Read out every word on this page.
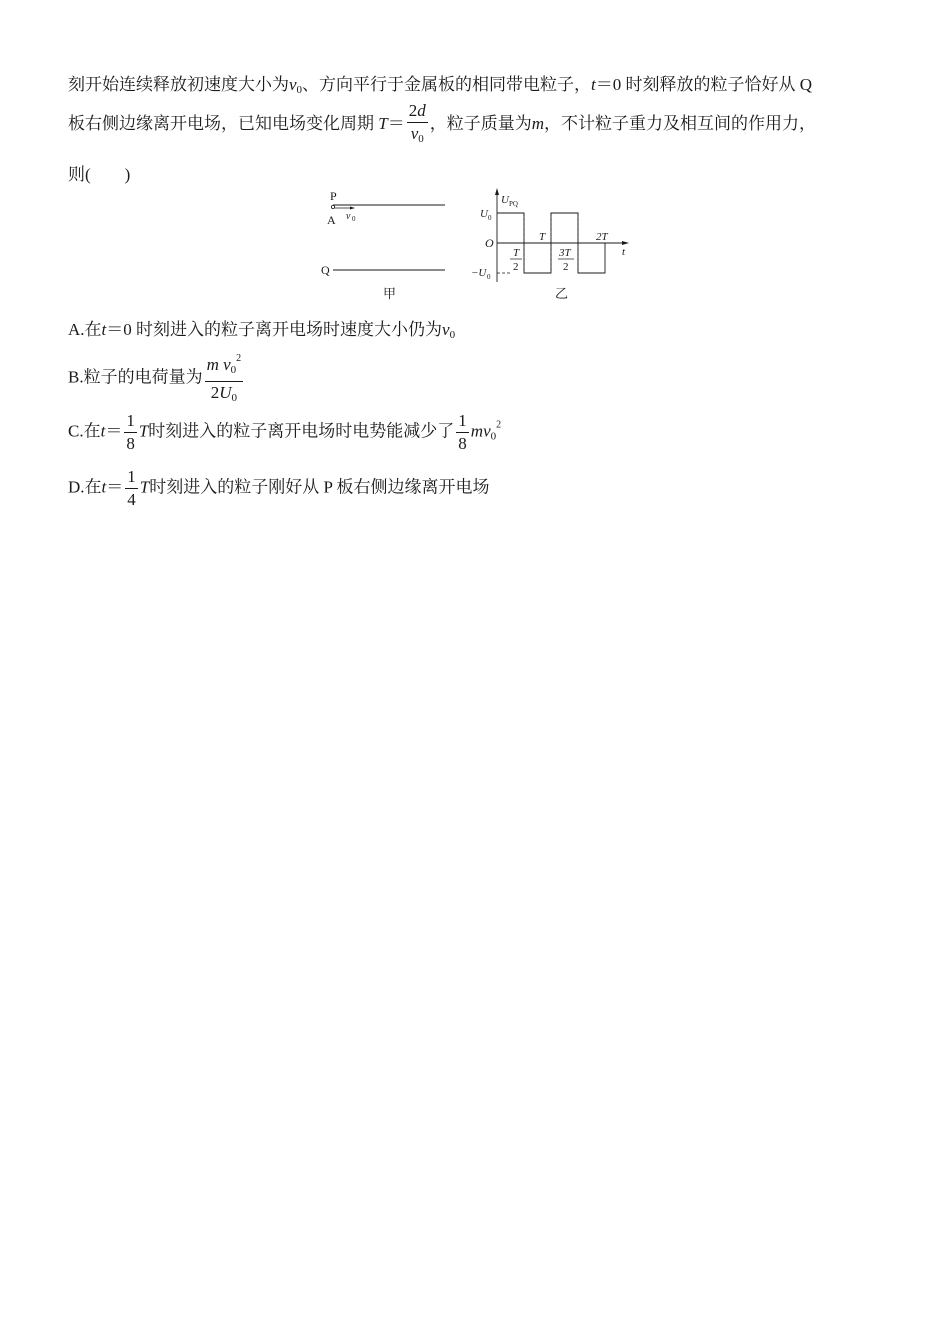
刻开始连续释放初速度大小为$v_0$、方向平行于金属板的相同带电粒子，t＝0 时刻释放的粒子恰好从 Q
板右侧边缘离开电场，已知电场变化周期 $T= \frac{2d}{v_0}$ ，粒子质量为m，不计粒子重力及相互间的作用力，
则(　　)
P
A v 0
Q
甲
U PQ
U 0
O
−U 0
T
2
T
3T
2
2T
t
乙
A.在t＝0 时刻进入的粒子离开电场时速度大小仍为$v_0$
B.粒子的电荷量为 $\frac{m v_0^2}{2U_0}$
C.在$t= \frac{1}{8}$ T时刻进入的粒子离开电场时电势能减少了 $\frac{1}{8} mv_0^2$
D.在$t= \frac{1}{4}$ T时刻进入的粒子刚好从 P 板右侧边缘离开电场
